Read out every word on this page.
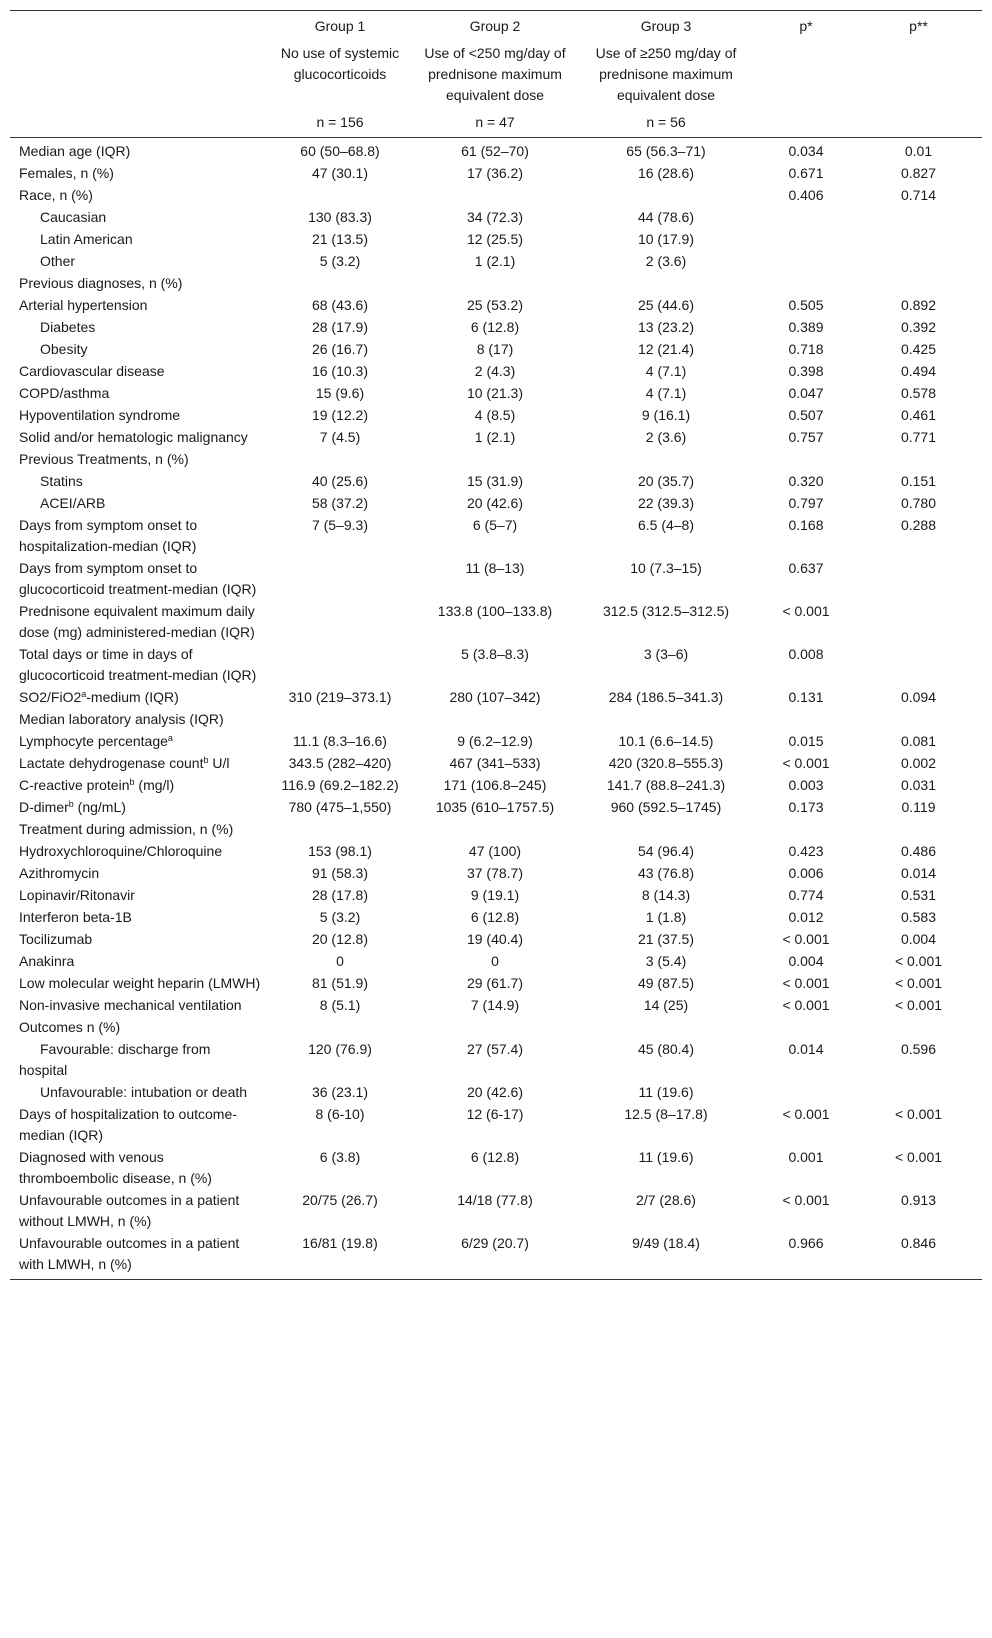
	Group 1	Group 2	Group 3	p*	p**
	No use of systemic glucocorticoids	Use of <250 mg/day of prednisone maximum equivalent dose	Use of ≥250 mg/day of prednisone maximum equivalent dose		
	n = 156	n = 47	n = 56		
Median age (IQR)	60 (50–68.8)	61 (52–70)	65 (56.3–71)	0.034	0.01
Females, n (%)	47 (30.1)	17 (36.2)	16 (28.6)	0.671	0.827
Race, n (%)				0.406	0.714
Caucasian	130 (83.3)	34 (72.3)	44 (78.6)		
Latin American	21 (13.5)	12 (25.5)	10 (17.9)		
Other	5 (3.2)	1 (2.1)	2 (3.6)		
Previous diagnoses, n (%)					
Arterial hypertension	68 (43.6)	25 (53.2)	25 (44.6)	0.505	0.892
Diabetes	28 (17.9)	6 (12.8)	13 (23.2)	0.389	0.392
Obesity	26 (16.7)	8 (17)	12 (21.4)	0.718	0.425
Cardiovascular disease	16 (10.3)	2 (4.3)	4 (7.1)	0.398	0.494
COPD/asthma	15 (9.6)	10 (21.3)	4 (7.1)	0.047	0.578
Hypoventilation syndrome	19 (12.2)	4 (8.5)	9 (16.1)	0.507	0.461
Solid and/or hematologic malignancy	7 (4.5)	1 (2.1)	2 (3.6)	0.757	0.771
Previous Treatments, n (%)					
Statins	40 (25.6)	15 (31.9)	20 (35.7)	0.320	0.151
ACEI/ARB	58 (37.2)	20 (42.6)	22 (39.3)	0.797	0.780
Days from symptom onset to hospitalization-median (IQR)	7 (5–9.3)	6 (5–7)	6.5 (4–8)	0.168	0.288
Days from symptom onset to glucocorticoid treatment-median (IQR)		11 (8–13)	10 (7.3–15)	0.637	
Prednisone equivalent maximum daily dose (mg) administered-median (IQR)		133.8 (100–133.8)	312.5 (312.5–312.5)	< 0.001	
Total days or time in days of glucocorticoid treatment-median (IQR)		5 (3.8–8.3)	3 (3–6)	0.008	
SO2/FiO2$^a$-medium (IQR)	310 (219–373.1)	280 (107–342)	284 (186.5–341.3)	0.131	0.094
Median laboratory analysis (IQR)					
Lymphocyte percentage$^a$	11.1 (8.3–16.6)	9 (6.2–12.9)	10.1 (6.6–14.5)	0.015	0.081
Lactate dehydrogenase count$^b$ U/l	343.5 (282–420)	467 (341–533)	420 (320.8–555.3)	< 0.001	0.002
C-reactive protein$^b$ (mg/l)	116.9 (69.2–182.2)	171 (106.8–245)	141.7 (88.8–241.3)	0.003	0.031
D-dimer$^b$ (ng/mL)	780 (475–1,550)	1035 (610–1757.5)	960 (592.5–1745)	0.173	0.119
Treatment during admission, n (%)					
Hydroxychloroquine/Chloroquine	153 (98.1)	47 (100)	54 (96.4)	0.423	0.486
Azithromycin	91 (58.3)	37 (78.7)	43 (76.8)	0.006	0.014
Lopinavir/Ritonavir	28 (17.8)	9 (19.1)	8 (14.3)	0.774	0.531
Interferon beta-1B	5 (3.2)	6 (12.8)	1 (1.8)	0.012	0.583
Tocilizumab	20 (12.8)	19 (40.4)	21 (37.5)	< 0.001	0.004
Anakinra	0	0	3 (5.4)	0.004	< 0.001
Low molecular weight heparin (LMWH)	81 (51.9)	29 (61.7)	49 (87.5)	< 0.001	< 0.001
Non-invasive mechanical ventilation	8 (5.1)	7 (14.9)	14 (25)	< 0.001	< 0.001
Outcomes n (%)					
Favourable: discharge from hospital	120 (76.9)	27 (57.4)	45 (80.4)	0.014	0.596
Unfavourable: intubation or death	36 (23.1)	20 (42.6)	11 (19.6)		
Days of hospitalization to outcome-median (IQR)	8 (6-10)	12 (6-17)	12.5 (8–17.8)	< 0.001	< 0.001
Diagnosed with venous thromboembolic disease, n (%)	6 (3.8)	6 (12.8)	11 (19.6)	0.001	< 0.001
Unfavourable outcomes in a patient without LMWH, n (%)	20/75 (26.7)	14/18 (77.8)	2/7 (28.6)	< 0.001	0.913
Unfavourable outcomes in a patient with LMWH, n (%)	16/81 (19.8)	6/29 (20.7)	9/49 (18.4)	0.966	0.846
